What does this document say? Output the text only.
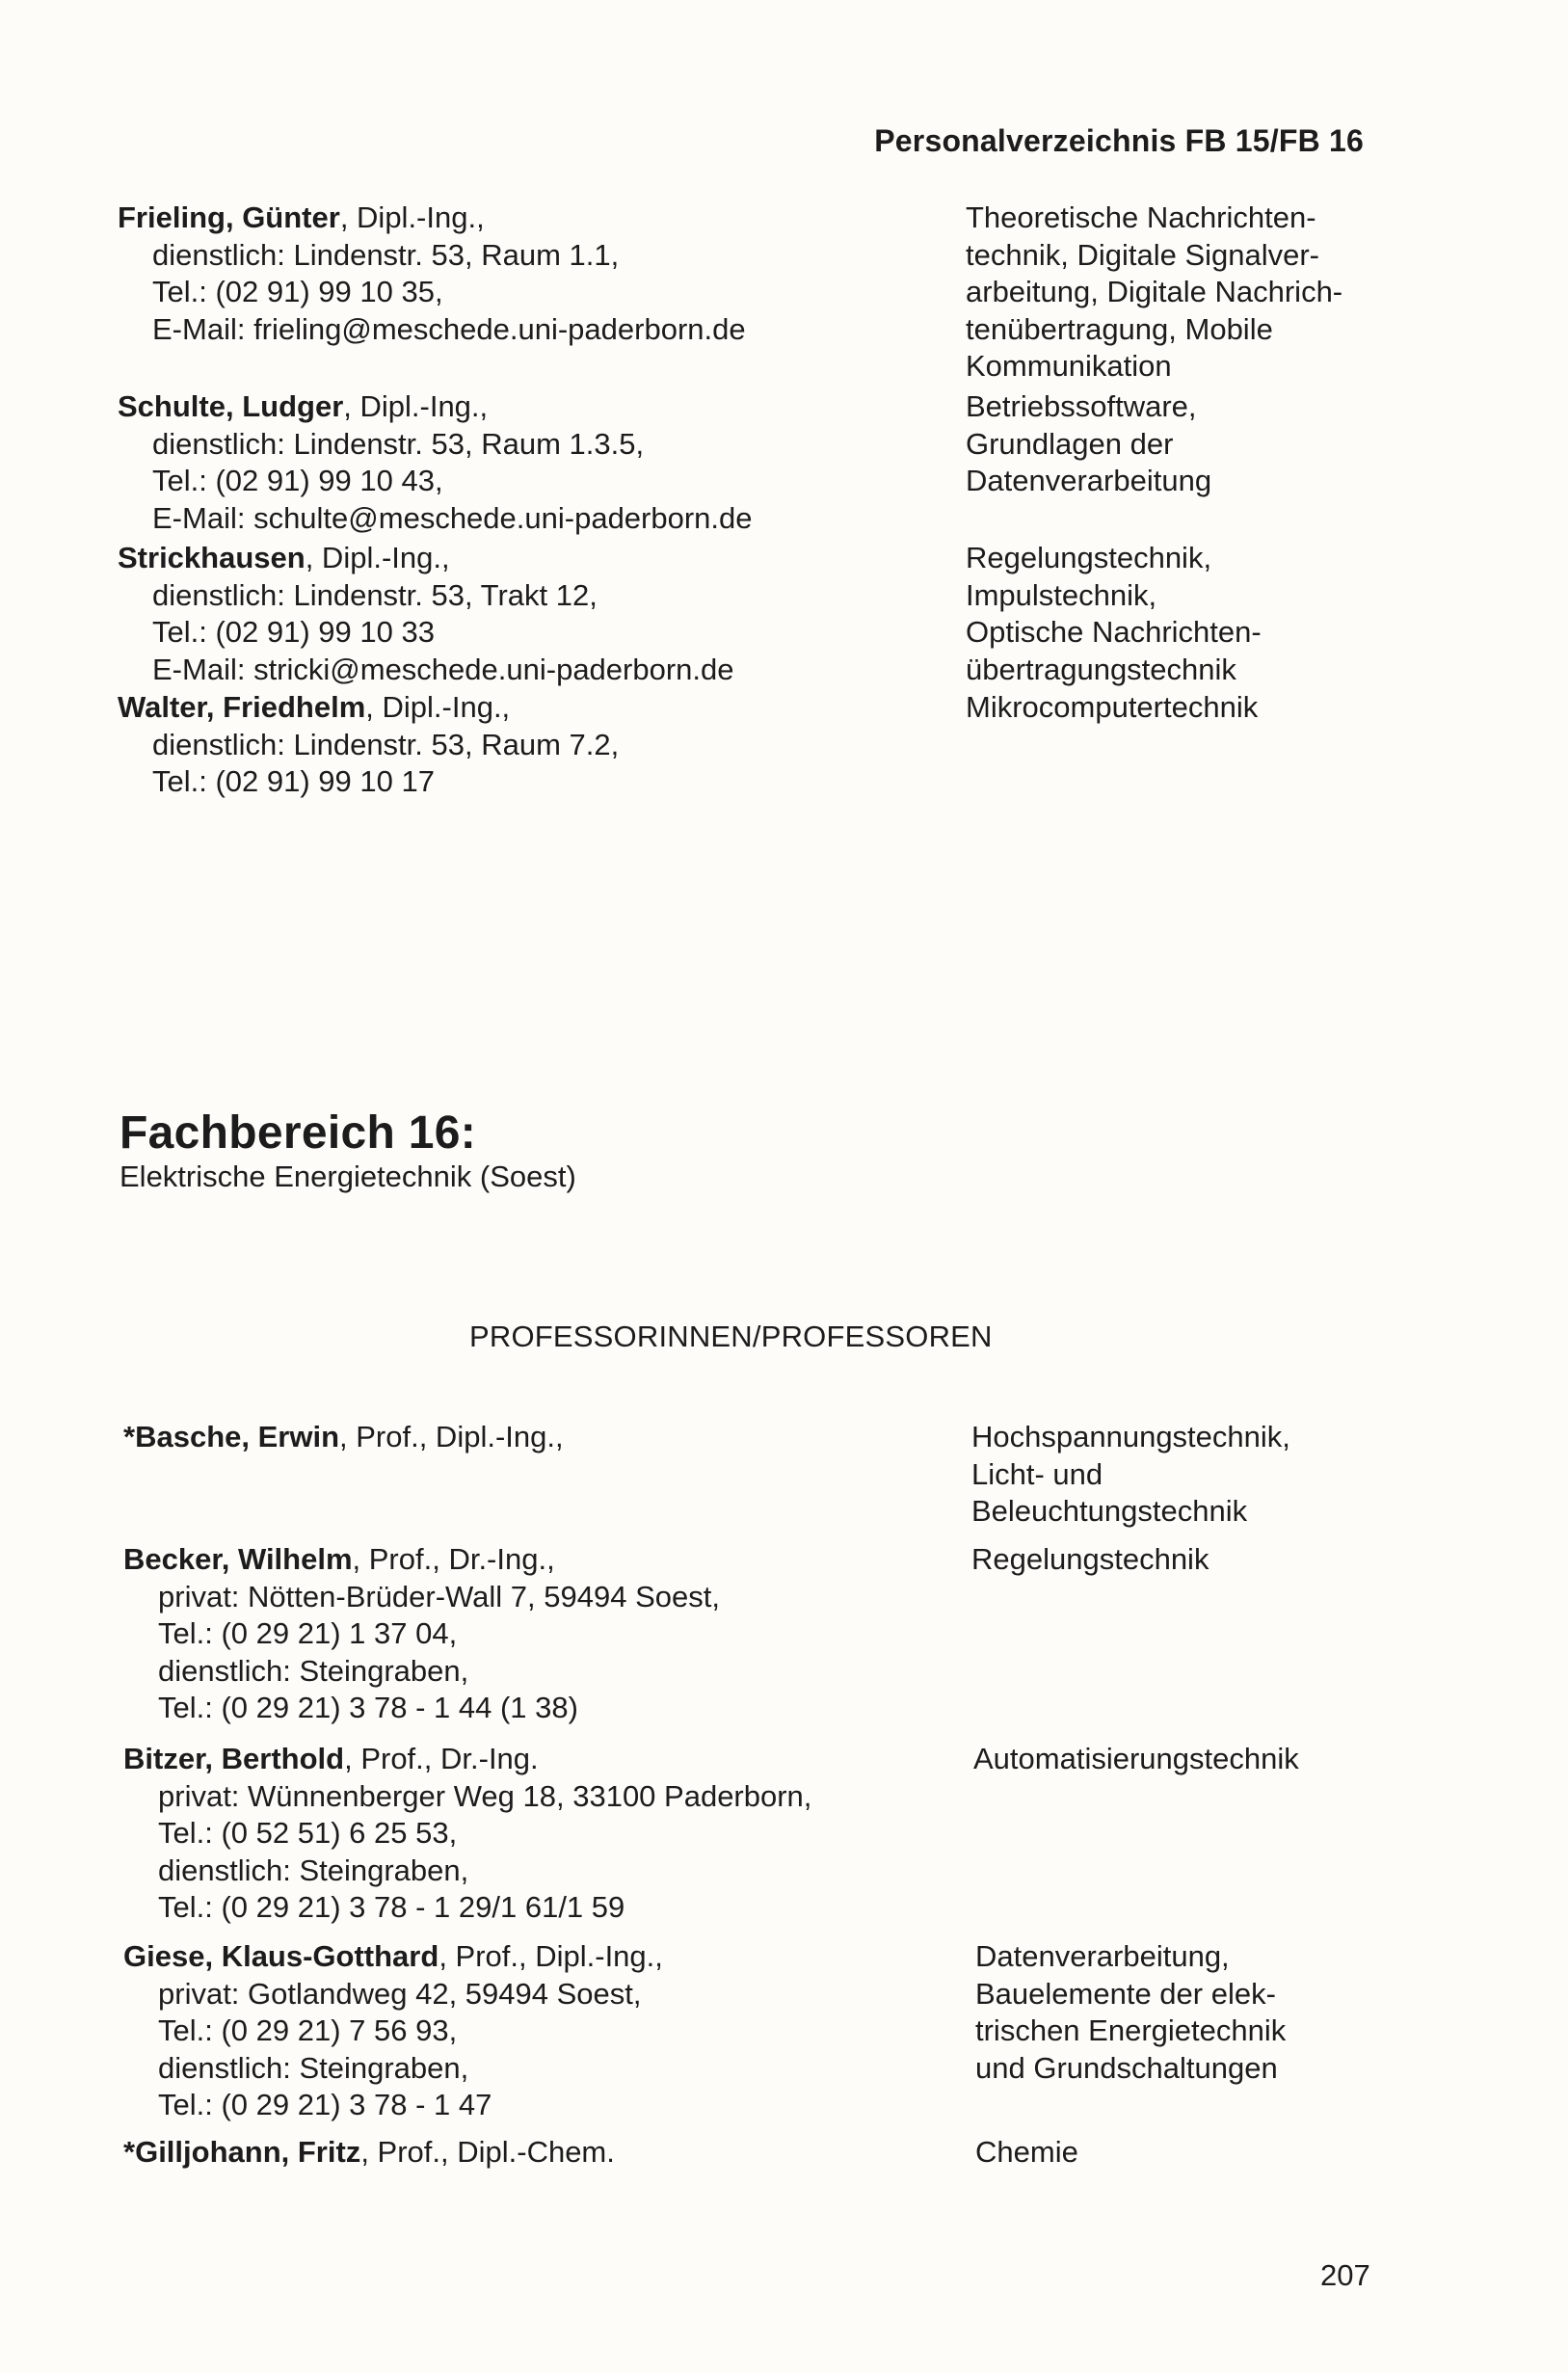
Personalverzeichnis FB 15/FB 16
Frieling, Günter, Dipl.-Ing.,
dienstlich: Lindenstr. 53, Raum 1.1,
Tel.: (02 91) 99 10 35,
E-Mail: frieling@meschede.uni-paderborn.de
Theoretische Nachrichten-
technik, Digitale Signalver-
arbeitung, Digitale Nachrich-
tenübertragung, Mobile
Kommunikation
Schulte, Ludger, Dipl.-Ing.,
dienstlich: Lindenstr. 53, Raum 1.3.5,
Tel.: (02 91) 99 10 43,
E-Mail: schulte@meschede.uni-paderborn.de
Betriebssoftware,
Grundlagen der
Datenverarbeitung
Strickhausen, Dipl.-Ing.,
dienstlich: Lindenstr. 53, Trakt 12,
Tel.: (02 91) 99 10 33
E-Mail: stricki@meschede.uni-paderborn.de
Regelungstechnik,
Impulstechnik,
Optische Nachrichten-
übertragungstechnik
Walter, Friedhelm, Dipl.-Ing.,
dienstlich: Lindenstr. 53, Raum 7.2,
Tel.: (02 91) 99 10 17
Mikrocomputertechnik
Fachbereich 16:
Elektrische Energietechnik (Soest)
PROFESSORINNEN/PROFESSOREN
*Basche, Erwin, Prof., Dipl.-Ing.,	Hochspannungstechnik,
Licht- und
Beleuchtungstechnik
Becker, Wilhelm, Prof., Dr.-Ing.,
privat: Nötten-Brüder-Wall 7, 59494 Soest,
Tel.: (0 29 21) 1 37 04,
dienstlich: Steingraben,
Tel.: (0 29 21) 3 78 - 1 44 (1 38)
Regelungstechnik
Bitzer, Berthold, Prof., Dr.-Ing.
privat: Wünnenberger Weg 18, 33100 Paderborn,
Tel.: (0 52 51) 6 25 53,
dienstlich: Steingraben,
Tel.: (0 29 21) 3 78 - 1 29/1 61/1 59
Automatisierungstechnik
Giese, Klaus-Gotthard, Prof., Dipl.-Ing.,
privat: Gotlandweg 42, 59494 Soest,
Tel.: (0 29 21) 7 56 93,
dienstlich: Steingraben,
Tel.: (0 29 21) 3 78 - 1 47
Datenverarbeitung,
Bauelemente der elek-
trischen Energietechnik
und Grundschaltungen
*Gilljohann, Fritz, Prof., Dipl.-Chem.	Chemie
207
